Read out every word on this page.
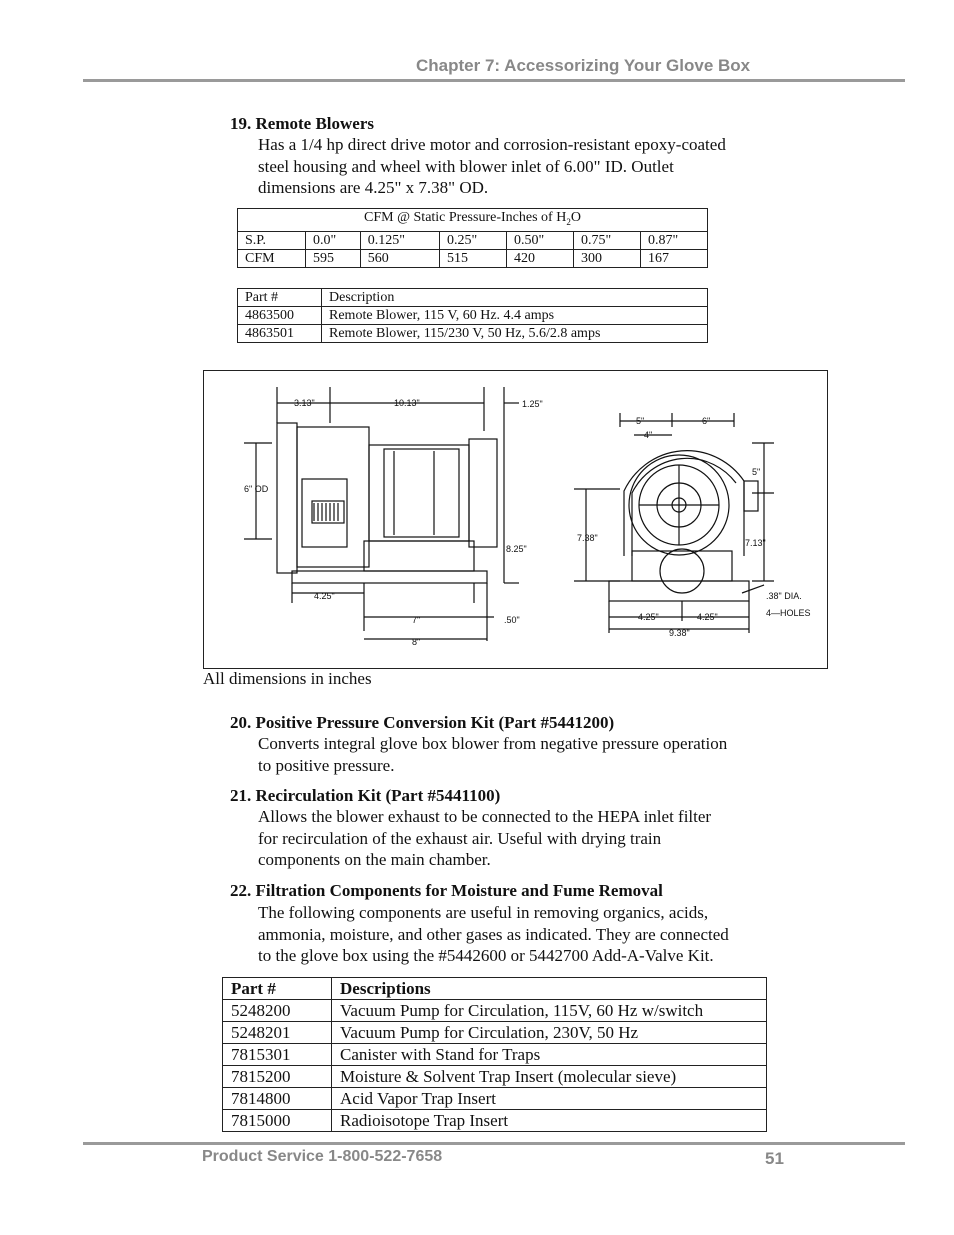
Chapter 7: Accessorizing Your Glove Box
19. Remote Blowers
Has a 1/4 hp direct drive motor and corrosion-resistant epoxy-coated
steel housing and wheel with blower inlet of 6.00" ID. Outlet
dimensions are 4.25" x 7.38" OD.
CFM @ Static Pressure-Inches of $H_2O$						
S.P.	0.0"	0.125"	0.25"	0.50"	0.75"	0.87"
CFM	595	560	515	420	300	167
Part #	Description
4863500	Remote Blower, 115 V, 60 Hz. 4.4 amps
4863501	Remote Blower, 115/230 V, 50 Hz, 5.6/2.8 amps
3.13"	10.13"	1.25"
6" OD
8.25"
4.25"
7"	.50"
8"
5"	6"
4"
5"
7.38"	7.13"
4.25"	4.25"
9.38"
.38" DIA.
4—HOLES
All dimensions in inches
20. Positive Pressure Conversion Kit (Part #5441200)
Converts integral glove box blower from negative pressure operation
to positive pressure.
21. Recirculation Kit (Part #5441100)
Allows the blower exhaust to be connected to the HEPA inlet filter
for recirculation of the exhaust air. Useful with drying train
components on the main chamber.
22. Filtration Components for Moisture and Fume Removal
The following components are useful in removing organics, acids,
ammonia, moisture, and other gases as indicated. They are connected
to the glove box using the #5442600 or 5442700 Add-A-Valve Kit.
Part #	Descriptions
5248200	Vacuum Pump for Circulation, 115V, 60 Hz w/switch
5248201	Vacuum Pump for Circulation, 230V, 50 Hz
7815301	Canister with Stand for Traps
7815200	Moisture & Solvent Trap Insert (molecular sieve)
7814800	Acid Vapor Trap Insert
7815000	Radioisotope Trap Insert
Product Service 1-800-522-7658	51
